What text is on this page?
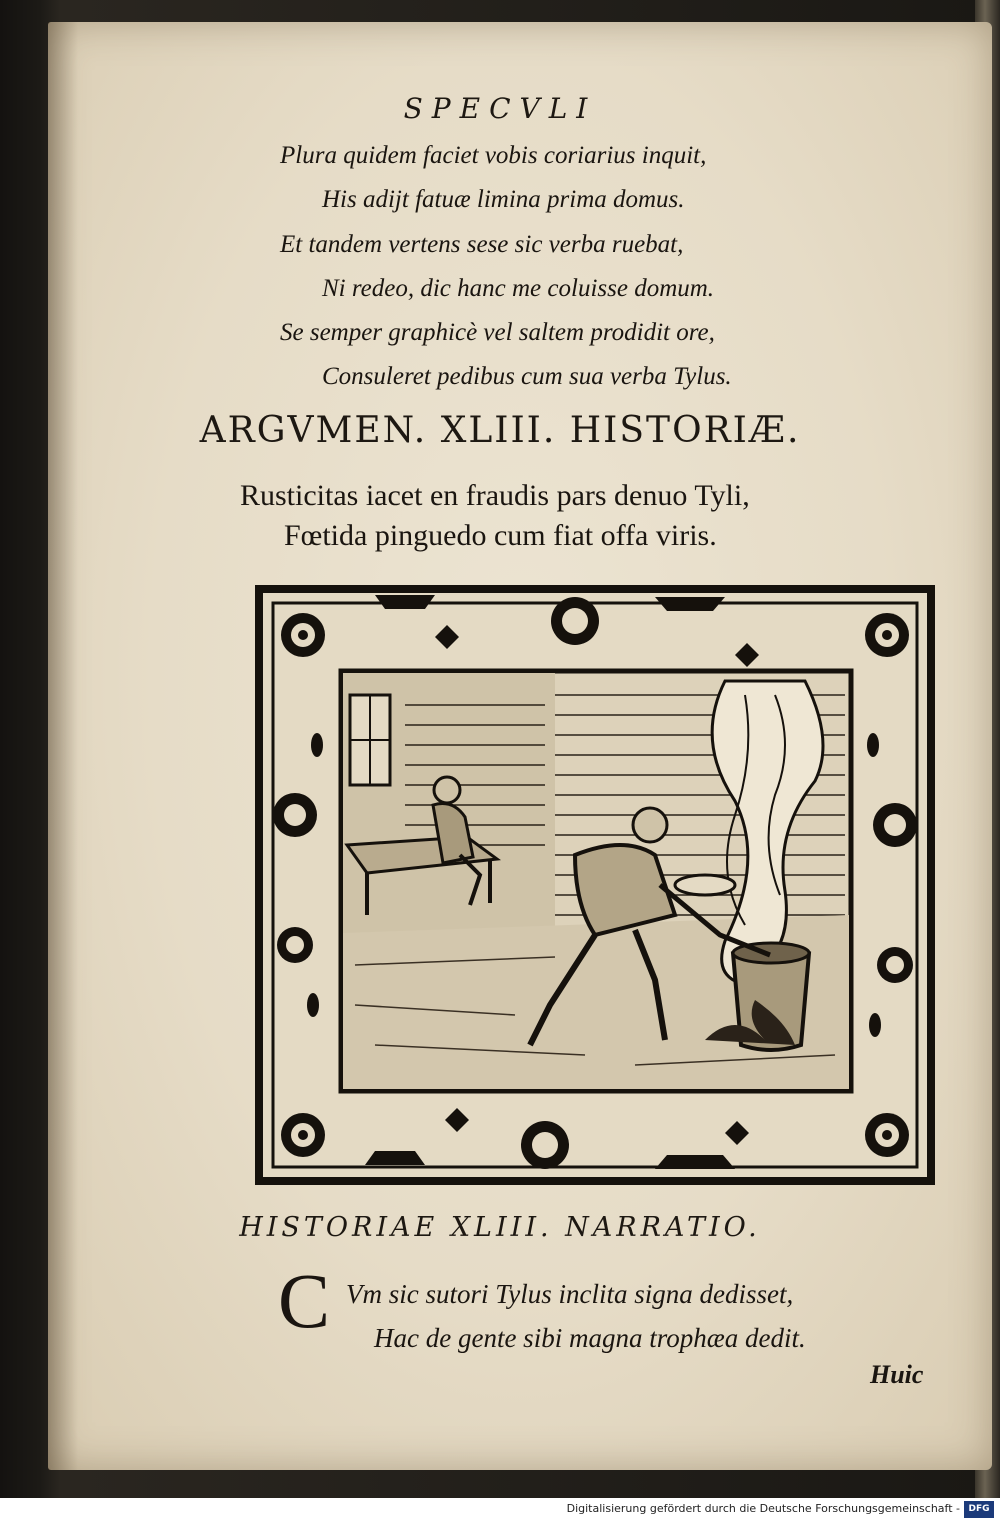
SPECVLI
Plura quidem faciet vobis coriarius inquit,
His adijt fatuæ limina prima domus.
Et tandem vertens sese sic verba ruebat,
Ni redeo, dic hanc me coluisse domum.
Se semper graphicè vel saltem prodidit ore,
Consuleret pedibus cum sua verba Tylus.
ARGVMEN. XLIII. HISTORIÆ.
Rusticitas iacet en fraudis pars denuo Tyli,
Fœtida pinguedo cum fiat offa viris.
HISTORIAE XLIII. NARRATIO.
C Vm sic sutori Tylus inclita signa dedisset,
Hac de gente sibi magna trophæa dedit.
Huic
Digitalisierung gefördert durch die Deutsche Forschungsgemeinschaft - DFG
